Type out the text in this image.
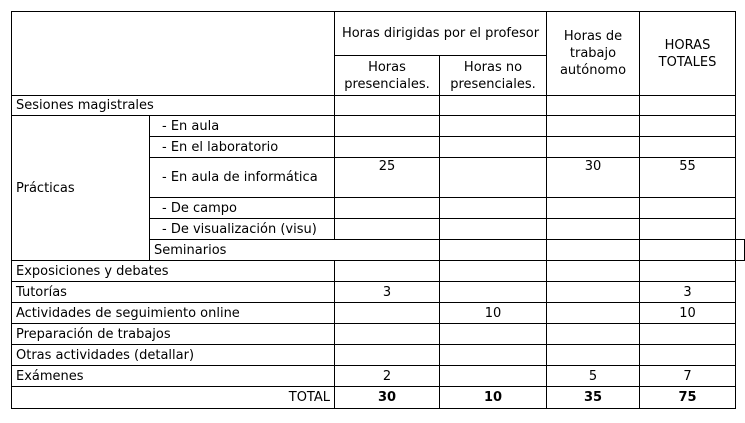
		Horas dirigidas por el profesor		Horas de trabajo autónomo	HORAS TOTALES	
		Horas presenciales.	Horas no presenciales.			
Sesiones magistrales						
Prácticas	- En aula					
	- En el laboratorio					
	- En aula de informática	25		30	55	
	- De campo					
	- De visualización (visu)					
	Seminarios					
Exposiciones y debates						
Tutorías		3			3	
Actividades de seguimiento online			10		10	
Preparación de trabajos						
Otras actividades (detallar)						
Exámenes		2		5	7	
TOTAL		30	10	35	75	
